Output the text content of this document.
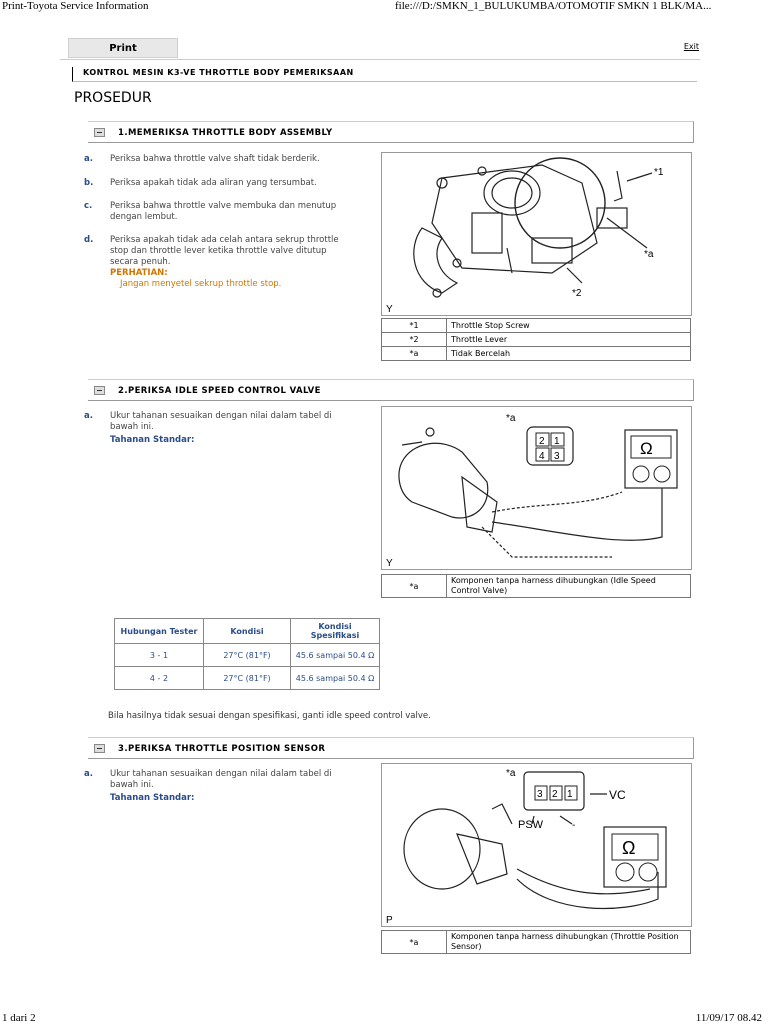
Print-Toyota Service Information	file:///D:/SMKN_1_BULUKUMBA/OTOMOTIF SMKN 1 BLK/MA...
Print	Exit
KONTROL MESIN K3-VE THROTTLE BODY PEMERIKSAAN
PROSEDUR
1.MEMERIKSA THROTTLE BODY ASSEMBLY
a. Periksa bahwa throttle valve shaft tidak berderik.
b. Periksa apakah tidak ada aliran yang tersumbat.
c. Periksa bahwa throttle valve membuka dan menutup dengan lembut.
d. Periksa apakah tidak ada celah antara sekrup throttle stop dan throttle lever ketika throttle valve ditutup secara penuh.
PERHATIAN:
Jangan menyetel sekrup throttle stop.
*1
*a
*2
Y
*1	Throttle Stop Screw
*2	Throttle Lever
*a	Tidak Bercelah
2.PERIKSA IDLE SPEED CONTROL VALVE
a. Ukur tahanan sesuaikan dengan nilai dalam tabel di bawah ini.
Tahanan Standar:	2 1
4 3	Ω
*a
Y
*a	Komponen tanpa harness dihubungkan (Idle Speed Control Valve)
Hubungan Tester	Kondisi	Kondisi Spesifikasi
3 - 1	27°C (81°F)	45.6 sampai 50.4 Ω
4 - 2	27°C (81°F)	45.6 sampai 50.4 Ω
Bila hasilnya tidak sesuai dengan spesifikasi, ganti idle speed control valve.
3.PERIKSA THROTTLE POSITION SENSOR
a. Ukur tahanan sesuaikan dengan nilai dalam tabel di bawah ini.
Tahanan Standar:	3 2 1	VC
PSW	-
Ω
*a
P
*a	Komponen tanpa harness dihubungkan (Throttle Position Sensor)
1 dari 2	11/09/17 08.42
